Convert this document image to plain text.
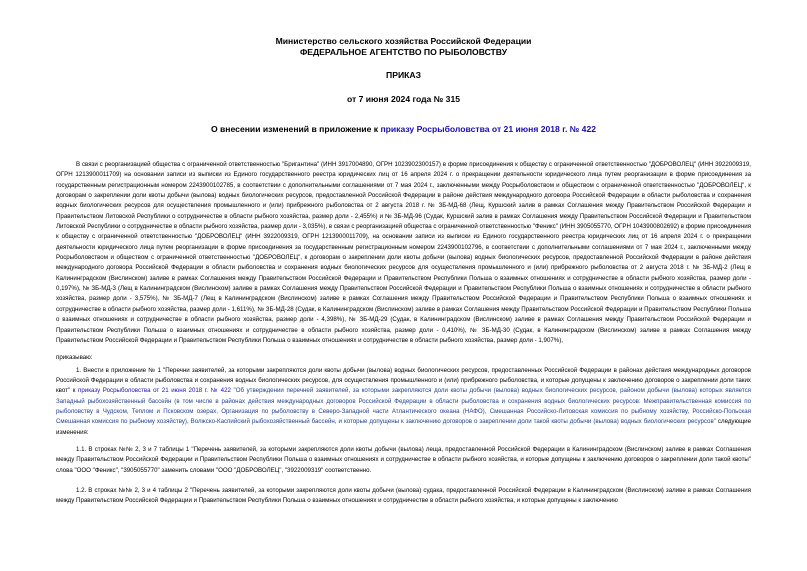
Министерство сельского хозяйства Российской Федерации
ФЕДЕРАЛЬНОЕ АГЕНТСТВО ПО РЫБОЛОВСТВУ
ПРИКАЗ
от 7 июня 2024 года № 315
О внесении изменений в приложение к приказу Росрыболовства от 21 июня 2018 г. № 422

В связи с реорганизацией общества с ограниченной ответственностью "Бригантина" (ИНН 3917004890, ОГРН 1023902300157) в форме присоединения к обществу с ограниченной ответственностью "ДОБРОВОЛЕЦ" (ИНН 3922009319, ОГРН 1213900011709) на основании записи из выписки из Единого государственного реестра юридических лиц от 16 апреля 2024 г. о прекращении деятельности юридического лица путем реорганизации в форме присоединения за государственным регистрационным номером 2243900102785, в соответствии с дополнительными соглашениями от 7 мая 2024 г., заключенными между Росрыболовством и обществом с ограниченной ответственностью "ДОБРОВОЛЕЦ", к договорам о закреплении доли квоты добычи (вылова) водных биологических ресурсов, предоставленной Российской Федерации в районе действия международного договора Российской Федерации в области рыболовства и сохранения водных биологических ресурсов для осуществления промышленного и (или) прибрежного рыболовства от 2 августа 2018 г. № ЗБ-МД-68 (Лещ, Куршский залив в рамках Соглашения между Правительством Российской Федерации и Правительством Литовской Республики о сотрудничестве в области рыбного хозяйства, размер доли - 2,455%) и № ЗБ-МД-96 (Судак, Куршский залив в рамках Соглашения между Правительством Российской Федерации и Правительством Литовской Республики о сотрудничестве в области рыбного хозяйства, размер доли - 3,035%), в связи с реорганизацией общества с ограниченной ответственностью "Феникс" (ИНН 3905055770, ОГРН 1043900802692) в форме присоединения к обществу с ограниченной ответственностью "ДОБРОВОЛЕЦ" (ИНН 3922009319, ОГРН 1213900011709), на основании записи из выписки из Единого государственного реестра юридических лиц от 16 апреля 2024 г. о прекращении деятельности юридического лица путем реорганизации в форме присоединения за государственным регистрационным номером 2243900102796, в соответствии с дополнительными соглашениями от 7 мая 2024 г., заключенными между Росрыболовством и обществом с ограниченной ответственностью "ДОБРОВОЛЕЦ", к договорам о закреплении доли квоты добычи (вылова) водных биологических ресурсов, предоставленной Российской Федерации в районе действия международного договора Российской Федерации в области рыболовства и сохранения водных биологических ресурсов для осуществления промышленного и (или) прибрежного рыболовства от 2 августа 2018 г. № ЗБ-МД-2 (Лещ в Калининградском (Вислинском) заливе в рамках Соглашения между Правительством Российской Федерации и Правительством Республики Польша о взаимных отношениях и сотрудничестве в области рыбного хозяйства, размер доли - 0,197%), № ЗБ-МД-3 (Лещ в Калининградском (Вислинском) заливе в рамках Соглашения между Правительством Российской Федерации и Правительством Республики Польша о взаимных отношениях и сотрудничестве в области рыбного хозяйства, размер доли - 3,575%), № ЗБ-МД-7 (Лещ в Калининградском (Вислинском) заливе в рамках Соглашения между Правительством Российской Федерации и Правительством Республики Польша о взаимных отношениях и сотрудничестве в области рыбного хозяйства, размер доли - 1,611%), № ЗБ-МД-28 (Судак, в Калининградском (Вислинском) заливе в рамках Соглашения между Правительством Российской Федерации и Правительством Республики Польша о взаимных отношениях и сотрудничестве в области рыбного хозяйства, размер доли - 4,398%), № ЗБ-МД-29 (Судак, в Калининградском (Вислинском) заливе в рамках Соглашения между Правительством Российской Федерации и Правительством Республики Польша о взаимных отношениях и сотрудничестве в области рыбного хозяйства, размер доли - 0,410%), № ЗБ-МД-30 (Судак, в Калининградском (Вислинском) заливе в рамках Соглашения между Правительством Российской Федерации и Правительством Республики Польша о взаимных отношениях и сотрудничестве в области рыбного хозяйства, размер доли - 1,907%),

приказываю:

1. Внести в приложение № 1 "Перечни заявителей, за которыми закрепляются доли квоты добычи (вылова) водных биологических ресурсов, предоставленных Российской Федерации в районах действия международных договоров Российской Федерации в области рыболовства и сохранения водных биологических ресурсов, для осуществления промышленного и (или) прибрежного рыболовства, и которые допущены к заключению договоров о закреплении доли таких квот" к приказу Росрыболовства от 21 июня 2018 г. № 422 "Об утверждении перечней заявителей, за которыми закрепляются доли квоты добычи (вылова) водных биологических ресурсов, районом добычи (вылова) которых является Западный рыбохозяйственный бассейн (в том числе в районах действия международных договоров Российской Федерации в области рыболовства и сохранения водных биологических ресурсов: Межправительственная комиссия по рыболовству в Чудском, Теплом и Псковском озерах, Организация по рыболовству в Северо-Западной части Атлантического океана (НАФО), Смешанная Российско-Литовская комиссия по рыбному хозяйству, Российско-Польская Смешанная комиссия по рыбному хозяйству), Волжско-Каспийский рыбохозяйственный бассейн, и которые допущены к заключению договоров о закреплении доли такой квоты добычи (вылова) водных биологических ресурсов" следующие изменения:

1.1. В строках №№ 2, 3 и 7 таблицы 1 "Перечень заявителей, за которыми закрепляются доли квоты добычи (вылова) леща, предоставленной Российской Федерации в Калининградском (Вислинском) заливе в рамках Соглашения между Правительством Российской Федерации и Правительством Республики Польша о взаимных отношениях и сотрудничестве в области рыбного хозяйства, и которые допущены к заключению договоров о закреплении доли такой квоты" слова "ООО "Феникс", "3905055770" заменить словами "ООО "ДОБРОВОЛЕЦ", "3922009319" соответственно.

1.2. В строках №№ 2, 3 и 4 таблицы 2 "Перечень заявителей, за которыми закрепляются доли квоты добычи (вылова) судака, предоставленной Российской Федерации в Калининградском (Вислинском) заливе в рамках Соглашения между Правительством Российской Федерации и Правительством Республики Польша о взаимных отношениях и сотрудничестве в области рыбного хозяйства, и которые допущены к заключению
